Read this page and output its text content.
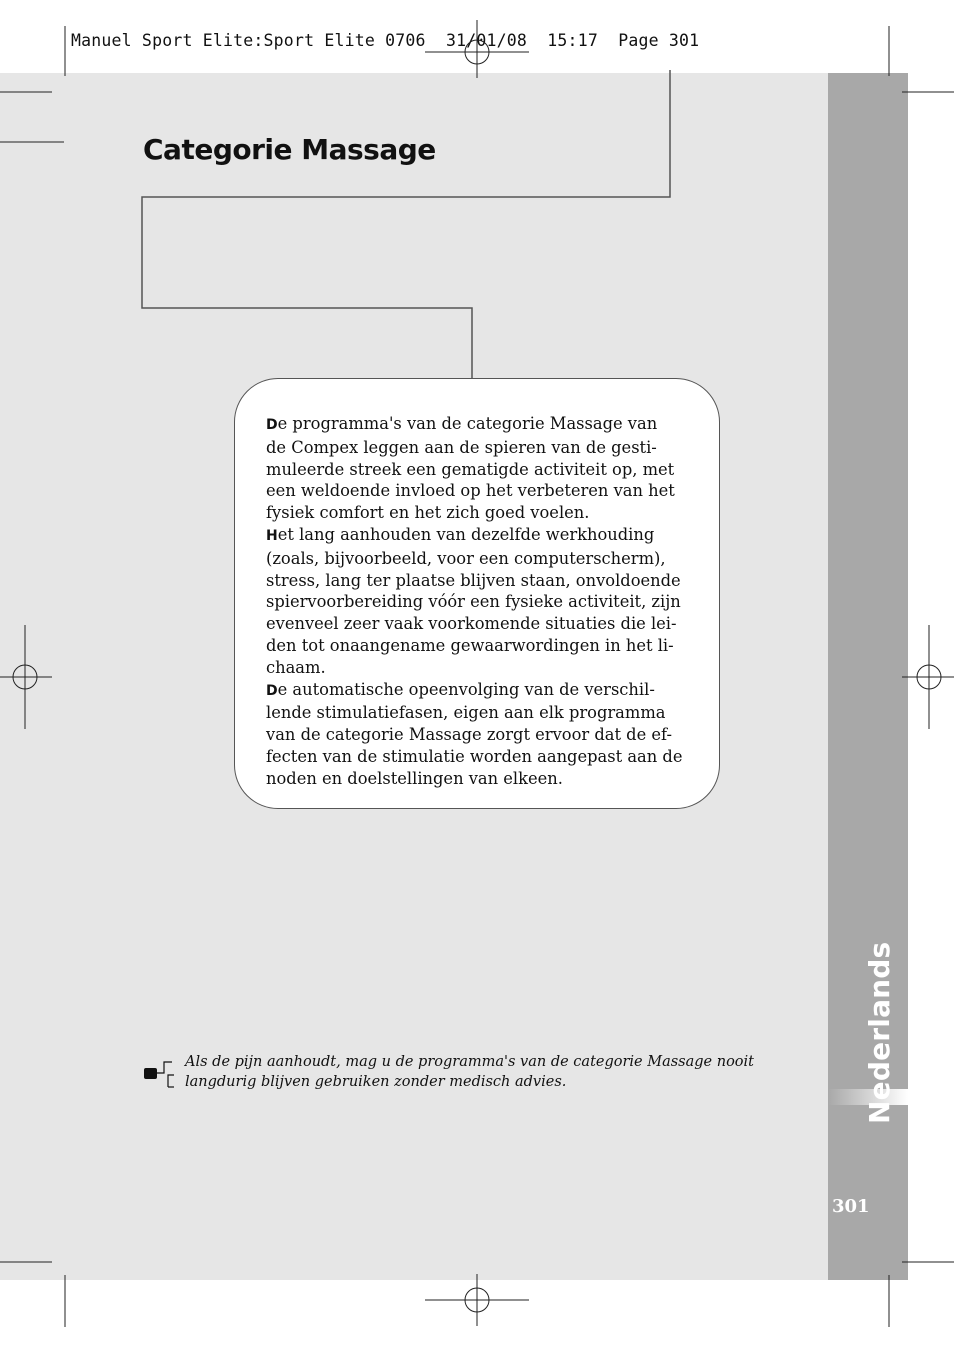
Nederlands
301
Manuel Sport Elite:Sport Elite 0706  31/01/08  15:17  Page 301
Categorie Massage

De programma's van de categorie Massage van
de Compex leggen aan de spieren van de gesti-
muleerde streek een gematigde activiteit op, met
een weldoende invloed op het verbeteren van het
fysiek comfort en het zich goed voelen.

Het lang aanhouden van dezelfde werkhouding
(zoals, bijvoorbeeld, voor een computerscherm),
stress, lang ter plaatse blijven staan, onvoldoende
spiervoorbereiding vóór een fysieke activiteit, zijn
evenveel zeer vaak voorkomende situaties die lei-
den tot onaangename gewaarwordingen in het li-
chaam.

De automatische opeenvolging van de verschil-
lende stimulatiefasen, eigen aan elk programma
van de categorie Massage zorgt ervoor dat de ef-
fecten van de stimulatie worden aangepast aan de
noden en doelstellingen van elkeen.

Als de pijn aanhoudt, mag u de programma's van de categorie Massage nooit
langdurig blijven gebruiken zonder medisch advies.
